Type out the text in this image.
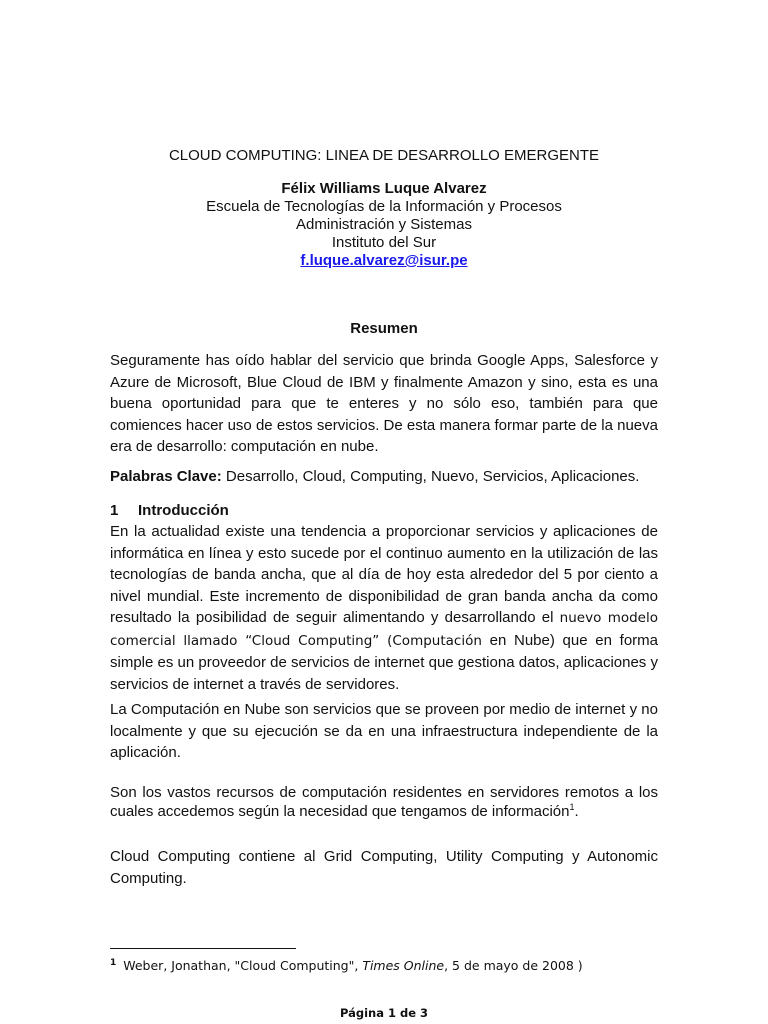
CLOUD COMPUTING: LINEA DE DESARROLLO EMERGENTE
Félix Williams Luque Alvarez
Escuela de Tecnologías de la Información y Procesos
Administración y Sistemas
Instituto del Sur
f.luque.alvarez@isur.pe
Resumen
Seguramente has oído hablar del servicio que brinda Google Apps, Salesforce y Azure de Microsoft, Blue Cloud de IBM y finalmente Amazon y sino, esta es una buena oportunidad para que te enteres y no sólo eso, también para que comiences hacer uso de estos servicios. De esta manera formar parte de la nueva era de desarrollo: computación en nube.
Palabras Clave: Desarrollo, Cloud, Computing, Nuevo, Servicios, Aplicaciones.
1 Introducción
En la actualidad existe una tendencia a proporcionar servicios y aplicaciones de informática en línea y esto sucede por el continuo aumento en la utilización de las tecnologías de banda ancha, que al día de hoy esta alrededor del 5 por ciento a nivel mundial. Este incremento de disponibilidad de gran banda ancha da como resultado la posibilidad de seguir alimentando y desarrollando el nuevo modelo comercial llamado “Cloud Computing” (Computación en Nube) que en forma simple es un proveedor de servicios de internet que gestiona datos, aplicaciones y servicios de internet a través de servidores.
La Computación en Nube son servicios que se proveen por medio de internet y no localmente y que su ejecución se da en una infraestructura independiente de la aplicación.
Son los vastos recursos de computación residentes en servidores remotos a los cuales accedemos según la necesidad que tengamos de información$^1$.
Cloud Computing contiene al Grid Computing, Utility Computing y Autonomic Computing.
$^1$ Weber, Jonathan, "Cloud Computing", Times Online, 5 de mayo de 2008 )
Página 1 de 3
